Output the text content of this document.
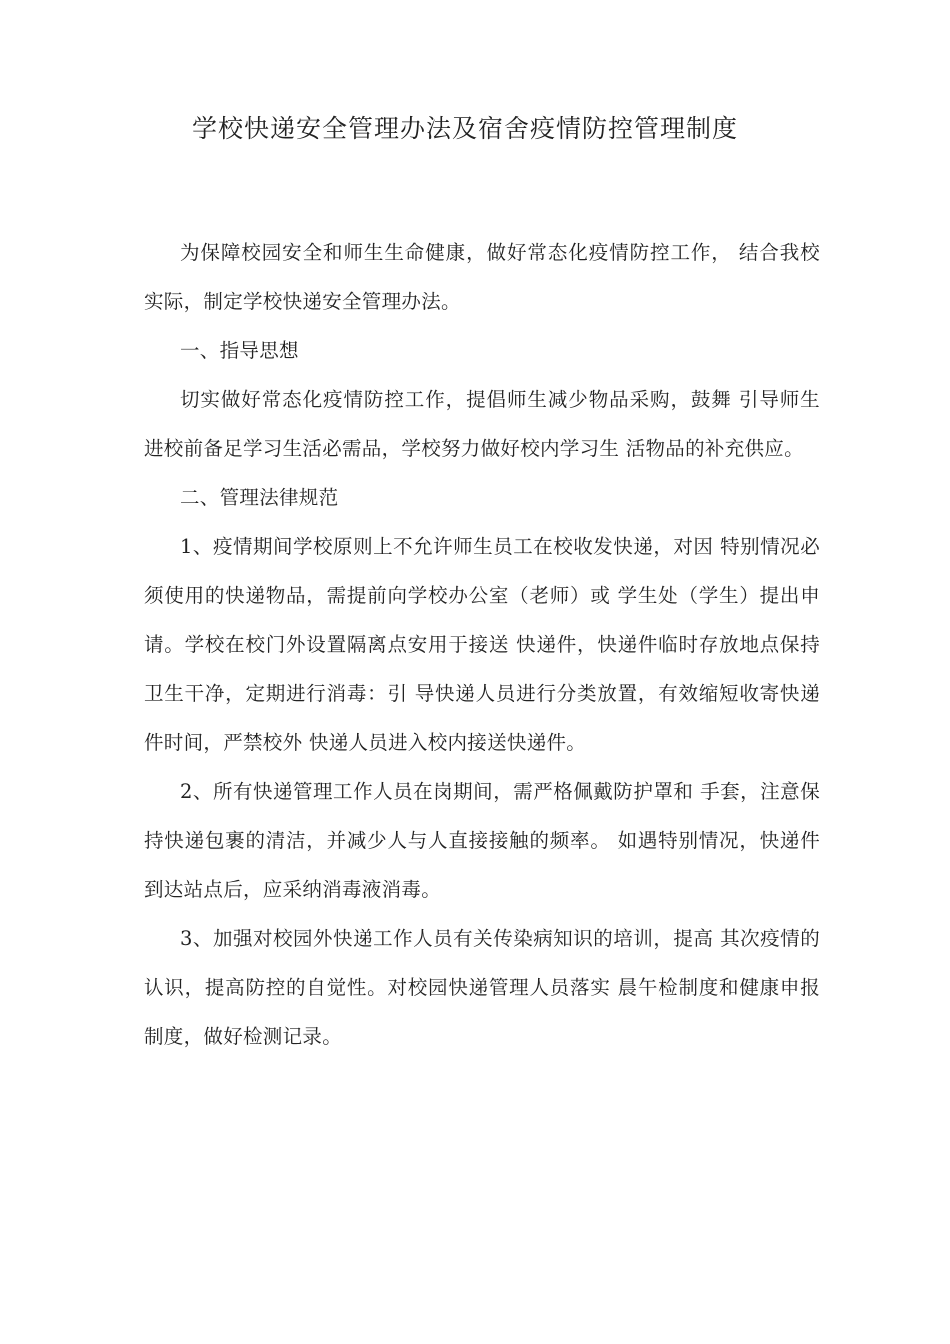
学校快递安全管理办法及宿舍疫情防控管理制度

为保障校园安全和师生生命健康，做好常态化疫情防控工作， 结合我校实际，制定学校快递安全管理办法。

一、指导思想

切实做好常态化疫情防控工作，提倡师生减少物品采购，鼓舞 引导师生进校前备足学习生活必需品，学校努力做好校内学习生 活物品的补充供应。

二、管理法律规范

1、疫情期间学校原则上不允许师生员工在校收发快递，对因 特别情况必须使用的快递物品，需提前向学校办公室（老师）或 学生处（学生）提出申请。学校在校门外设置隔离点安用于接送 快递件，快递件临时存放地点保持卫生干净，定期进行消毒：引 导快递人员进行分类放置，有效缩短收寄快递件时间，严禁校外 快递人员进入校内接送快递件。

2、所有快递管理工作人员在岗期间，需严格佩戴防护罩和 手套，注意保持快递包裹的清洁，并减少人与人直接接触的频率。 如遇特别情况，快递件到达站点后，应采纳消毒液消毒。

3、加强对校园外快递工作人员有关传染病知识的培训，提高 其次疫情的认识，提高防控的自觉性。对校园快递管理人员落实 晨午检制度和健康申报制度，做好检测记录。
